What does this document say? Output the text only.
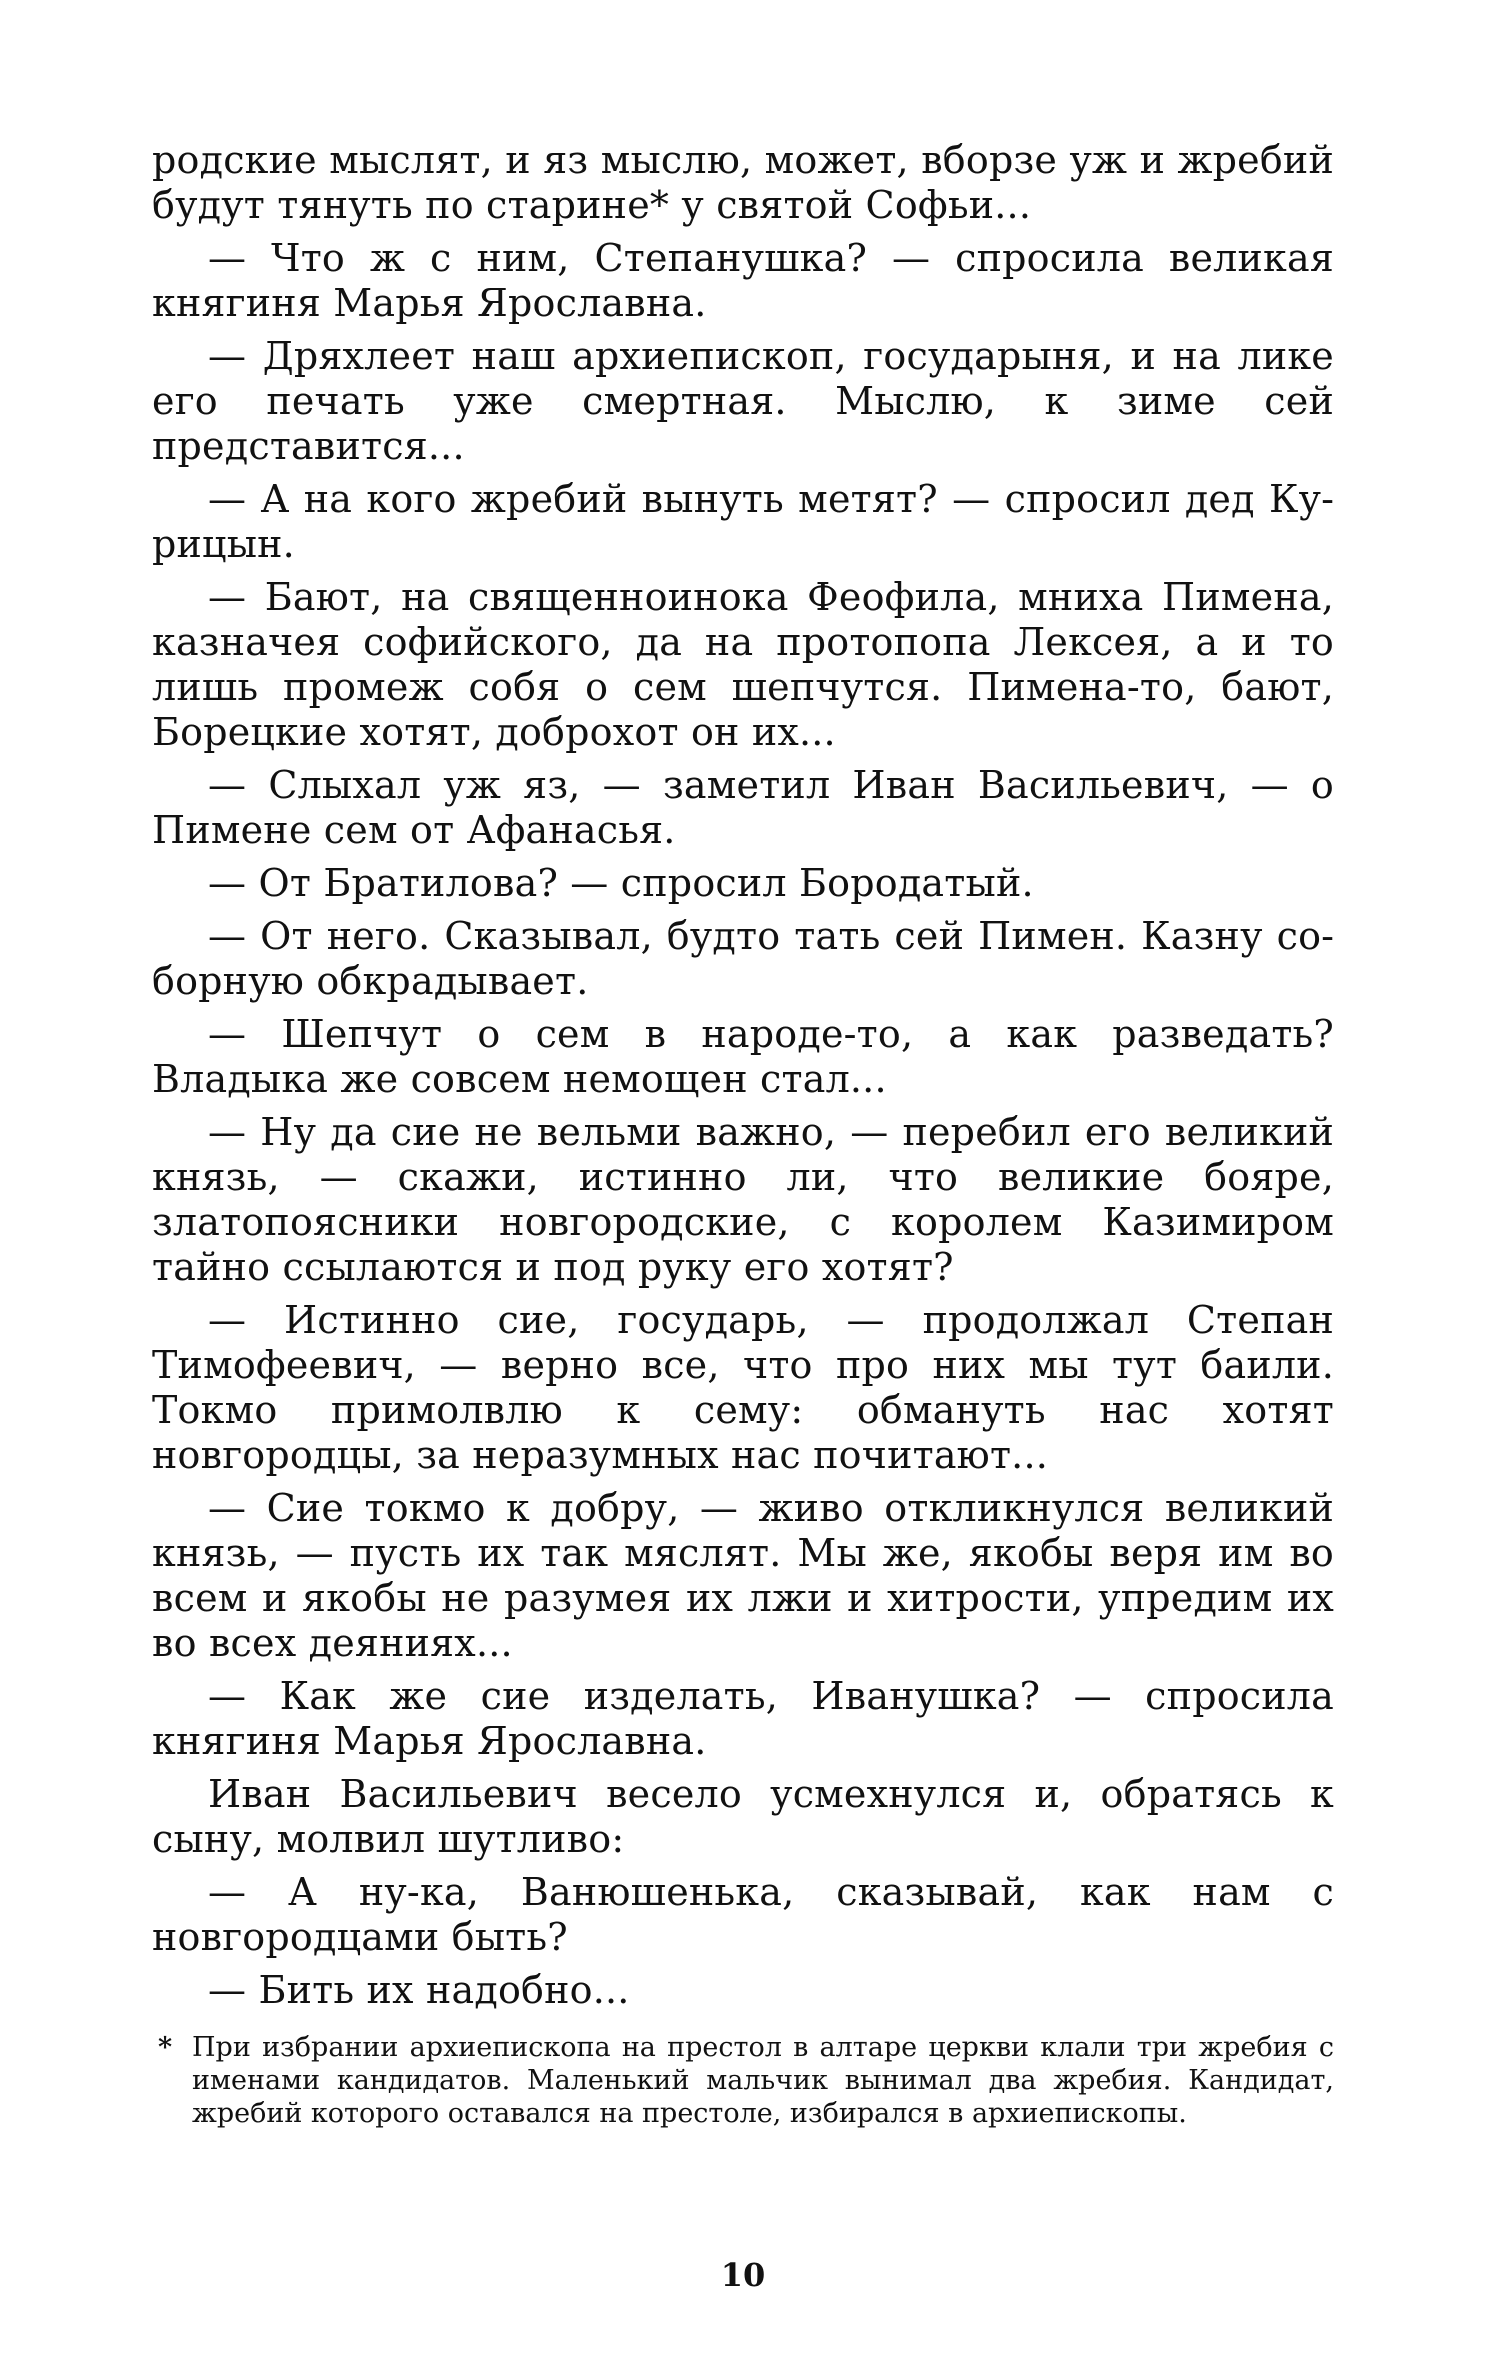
родские мыслят, и яз мыслю, может, вборзе уж и жребий будут тянуть по старине* у святой Софьи...

— Что ж с ним, Степанушка? — спросила великая княгиня Марья Ярославна.

— Дряхлеет наш архиепископ, государыня, и на лике его печать уже смертная. Мыслю, к зиме сей представится...

— А на кого жребий вынуть метят? — спросил дед Курицын.

— Бают, на священноинока Феофила, мниха Пимена, казначея софийского, да на протопопа Лексея, а и то лишь промеж собя о сем шепчутся. Пимена-то, бают, Борецкие хотят, доброхот он их...

— Слыхал уж яз, — заметил Иван Васильевич, — о Пимене сем от Афанасья.

— От Братилова? — спросил Бородатый.

— От него. Сказывал, будто тать сей Пимен. Казну соборную обкрадывает.

— Шепчут о сем в народе-то, а как разведать? Владыка же совсем немощен стал...

— Ну да сие не вельми важно, — перебил его великий князь, — скажи, истинно ли, что великие бояре, златопоясники новгородские, с королем Казимиром тайно ссылаются и под руку его хотят?

— Истинно сие, государь, — продолжал Степан Тимофеевич, — верно все, что про них мы тут баили. Токмо примолвлю к сему: обмануть нас хотят новгородцы, за неразумных нас почитают...

— Сие токмо к добру, — живо откликнулся великий князь, — пусть их так мяслят. Мы же, якобы веря им во всем и якобы не разумея их лжи и хитрости, упредим их во всех деяниях...

— Как же сие изделать, Иванушка? — спросила княгиня Марья Ярославна.

Иван Васильевич весело усмехнулся и, обратясь к сыну, молвил шутливо:

— А ну-ка, Ванюшенька, сказывай, как нам с новгородцами быть?

— Бить их надобно...

* При избрании архиепископа на престол в алтаре церкви клали три жребия с именами кандидатов. Маленький мальчик вынимал два жребия. Кандидат, жребий которого оставался на престоле, избирался в архиепископы.
10
